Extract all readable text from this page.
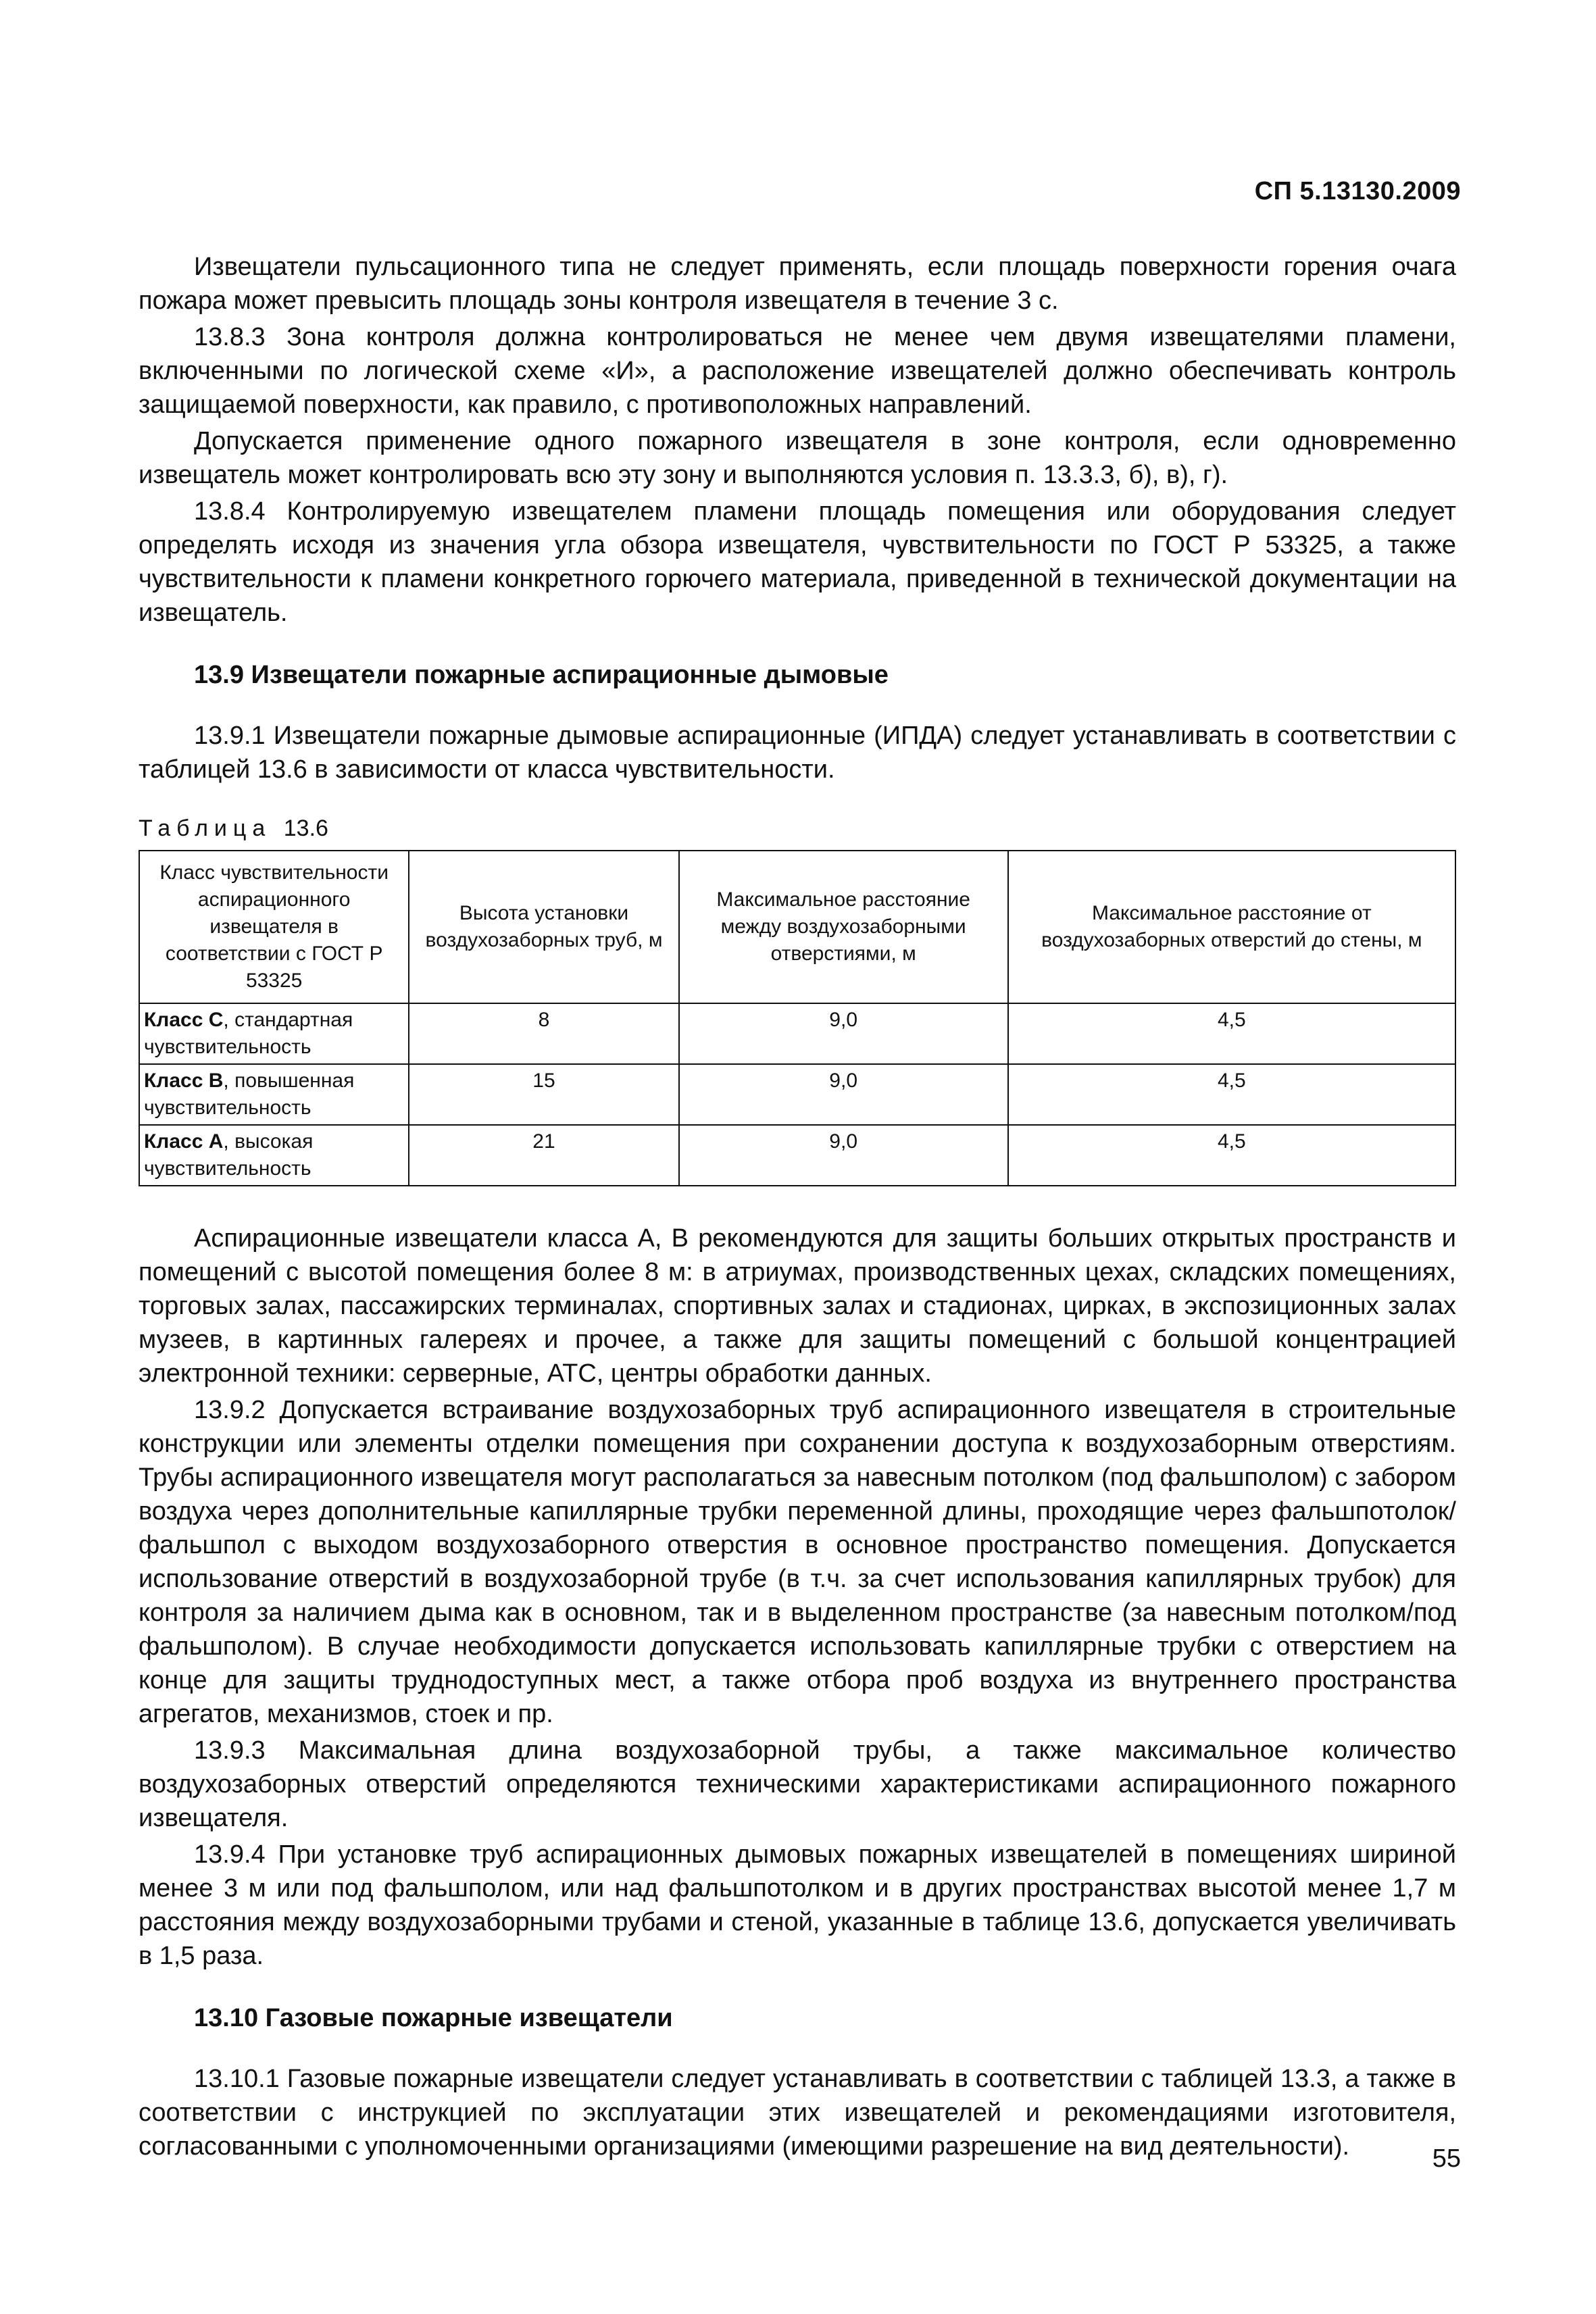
СП 5.13130.2009

Извещатели пульсационного типа не следует применять, если площадь поверхности горения очага пожара может превысить площадь зоны контроля извещателя в течение 3 с.

13.8.3 Зона контроля должна контролироваться не менее чем двумя извещателями пламени, включенными по логической схеме «И», а расположение извещателей должно обеспечивать контроль защищаемой поверхности, как правило, с противоположных направлений.

Допускается применение одного пожарного извещателя в зоне контроля, если одновременно извещатель может контролировать всю эту зону и выполняются условия п. 13.3.3, б), в), г).

13.8.4 Контролируемую извещателем пламени площадь помещения или оборудования следует определять исходя из значения угла обзора извещателя, чувствительности по ГОСТ Р 53325, а также чувствительности к пламени конкретного горючего материала, приведенной в технической документации на извещатель.

13.9 Извещатели пожарные аспирационные дымовые

13.9.1 Извещатели пожарные дымовые аспирационные (ИПДА) следует устанавливать в соответствии с таблицей 13.6 в зависимости от класса чувствительности.

Таблица 13.6
Класс чувствительности аспирационного извещателя в соответствии с ГОСТ Р 53325	Высота установки воздухозаборных труб, м	Максимальное расстояние между воздухозаборными отверстиями, м	Максимальное расстояние от воздухозаборных отверстий до стены, м
Класс С, стандартная чувствительность	8	9,0	4,5
Класс В, повышенная чувствительность	15	9,0	4,5
Класс А, высокая чувствительность	21	9,0	4,5

Аспирационные извещатели класса А, В рекомендуются для защиты больших открытых пространств и помещений с высотой помещения более 8 м: в атриумах, производственных цехах, складских помещениях, торговых залах, пассажирских терминалах, спортивных залах и стадионах, цирках, в экспозиционных залах музеев, в картинных галереях и прочее, а также для защиты помещений с большой концентрацией электронной техники: серверные, АТС, центры обработки данных.

13.9.2 Допускается встраивание воздухозаборных труб аспирационного извещателя в строительные конструкции или элементы отделки помещения при сохранении доступа к воздухозаборным отверстиям. Трубы аспирационного извещателя могут располагаться за навесным потолком (под фальшполом) с забором воздуха через дополнительные капиллярные трубки переменной длины, проходящие через фальшпотолок/фальшпол с выходом воздухозаборного отверстия в основное пространство помещения. Допускается использование отверстий в воздухозаборной трубе (в т.ч. за счет использования капиллярных трубок) для контроля за наличием дыма как в основном, так и в выделенном пространстве (за навесным потолком/под фальшполом). В случае необходимости допускается использовать капиллярные трубки с отверстием на конце для защиты труднодоступных мест, а также отбора проб воздуха из внутреннего пространства агрегатов, механизмов, стоек и пр.

13.9.3 Максимальная длина воздухозаборной трубы, а также максимальное количество воздухозаборных отверстий определяются техническими характеристиками аспирационного пожарного извещателя.

13.9.4 При установке труб аспирационных дымовых пожарных извещателей в помещениях шириной менее 3 м или под фальшполом, или над фальшпотолком и в других пространствах высотой менее 1,7 м расстояния между воздухозаборными трубами и стеной, указанные в таблице 13.6, допускается увеличивать в 1,5 раза.

13.10 Газовые пожарные извещатели

13.10.1 Газовые пожарные извещатели следует устанавливать в соответствии с таблицей 13.3, а также в соответствии с инструкцией по эксплуатации этих извещателей и рекомендациями изготовителя, согласованными с уполномоченными организациями (имеющими разрешение на вид деятельности).	55
